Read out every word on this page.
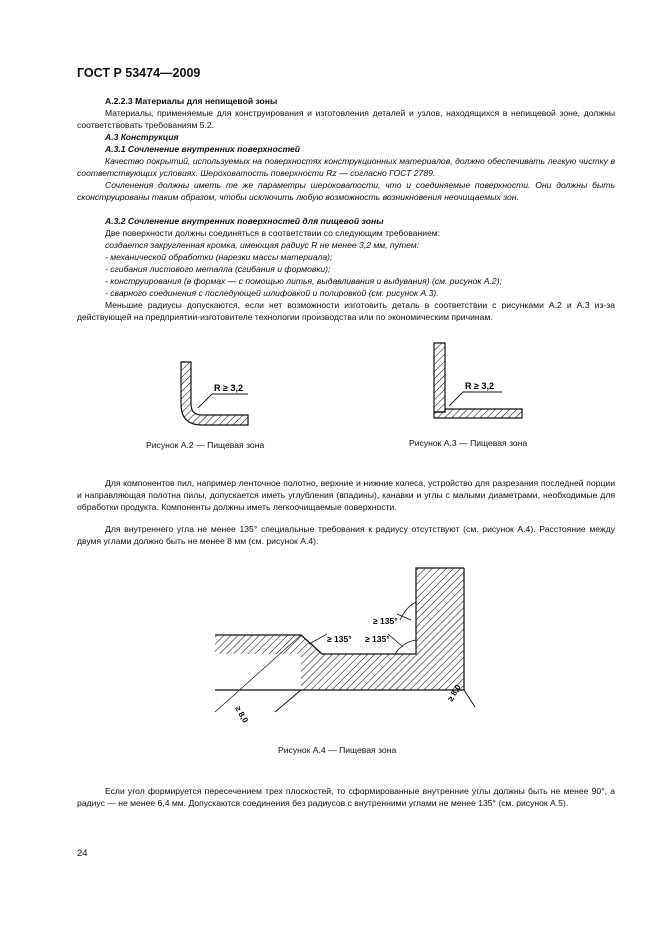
ГОСТ Р 53474—2009
А.2.2.3 Материалы для непищевой зоны
Материалы, применяемые для конструирования и изготовления деталей и узлов, находящихся в непищевой зоне, должны соответствовать требованиям 5.2.
А.3 Конструкция
А.3.1 Сочленение внутренних поверхностей
Качество покрытий, используемых на поверхностях конструкционных материалов, должно обеспечивать легкую чистку в соответствующих условиях. Шероховатость поверхности Rz — согласно ГОСТ 2789.
Сочленения должны иметь те же параметры шероховатости, что и соединяемые поверхности. Они должны быть сконструированы таким образом, чтобы исключить любую возможность возникновения неочищаемых зон.
А.3.2 Сочленение внутренних поверхностей для пищевой зоны
Две поверхности должны соединяться в соответствии со следующим требованием:
создается закругленная кромка, имеющая радиус R не менее 3,2 мм, путем:
- механической обработки (нарезки массы материала);
- сгибания листового металла (сгибания и формовки);
- конструирования (в формах — с помощью литья, выдавливания и выдувания) (см. рисунок А.2);
- сварного соединения с последующей шлифовкой и полировкой (см. рисунок А.3).
Меньшие радиусы допускаются, если нет возможности изготовить деталь в соответствии с рисунками А.2 и А.3 из-за действующей на предприятии-изготовителе технологии производства или по экономическим причинам.
R ≥ 3,2
Рисунок А.2 — Пищевая зона
R ≥ 3,2
Рисунок А.3 — Пищевая зона
Для компонентов пил, например ленточное полотно, верхние и нижние колеса, устройство для разрезания последней порции и направляющая полотна пилы, допускается иметь углубления (впадины), канавки и углы с малыми диаметрами, необходимые для обработки продукта. Компоненты должны иметь легкоочищаемые поверхности.
Для внутреннего угла не менее 135° специальные требования к радиусу отсутствуют (см. рисунок А.4). Расстояние между двумя углами должно быть не менее 8 мм (см. рисунок А.4).
≥ 135° ≥ 135°
≥ 135°
≥ 8,0
≥ 8,0
Рисунок А.4 — Пищевая зона
Если угол формируется пересечением трех плоскостей, то сформированные внутренние углы должны быть не менее 90°, а радиус — не менее 6,4 мм. Допускаются соединения без радиусов с внутренними углами не менее 135° (см. рисунок А.5).
24
